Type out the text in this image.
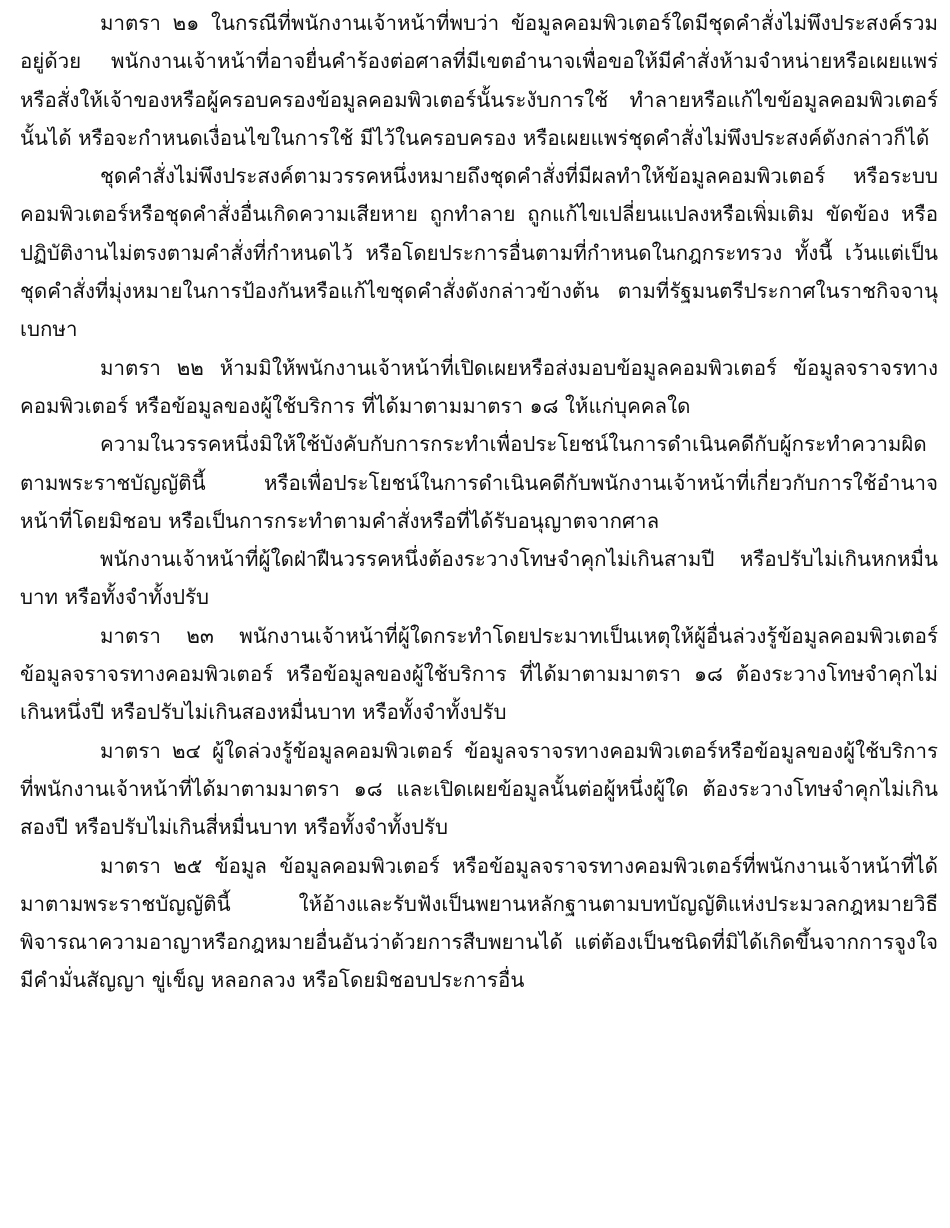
มาตรา ๒๑ ในกรณีที่พนักงานเจ้าหน้าที่พบว่า ข้อมูลคอมพิวเตอร์ใดมีชุดคำสั่งไม่พึงประสงค์รวมอยู่ด้วย พนักงานเจ้าหน้าที่อาจยื่นคำร้องต่อศาลที่มีเขตอำนาจเพื่อขอให้มีคำสั่งห้ามจำหน่ายหรือเผยแพร่ หรือสั่งให้เจ้าของหรือผู้ครอบครองข้อมูลคอมพิวเตอร์นั้นระงับการใช้ ทำลายหรือแก้ไขข้อมูลคอมพิวเตอร์นั้นได้ หรือจะกำหนดเงื่อนไขในการใช้ มีไว้ในครอบครอง หรือเผยแพร่ชุดคำสั่งไม่พึงประสงค์ดังกล่าวก็ได้

ชุดคำสั่งไม่พึงประสงค์ตามวรรคหนึ่งหมายถึงชุดคำสั่งที่มีผลทำให้ข้อมูลคอมพิวเตอร์ หรือระบบคอมพิวเตอร์หรือชุดคำสั่งอื่นเกิดความเสียหาย ถูกทำลาย ถูกแก้ไขเปลี่ยนแปลงหรือเพิ่มเติม ขัดข้อง หรือปฏิบัติงานไม่ตรงตามคำสั่งที่กำหนดไว้ หรือโดยประการอื่นตามที่กำหนดในกฎกระทรวง ทั้งนี้ เว้นแต่เป็นชุดคำสั่งที่มุ่งหมายในการป้องกันหรือแก้ไขชุดคำสั่งดังกล่าวข้างต้น ตามที่รัฐมนตรีประกาศในราชกิจจานุเบกษา

มาตรา ๒๒ ห้ามมิให้พนักงานเจ้าหน้าที่เปิดเผยหรือส่งมอบข้อมูลคอมพิวเตอร์ ข้อมูลจราจรทางคอมพิวเตอร์ หรือข้อมูลของผู้ใช้บริการ ที่ได้มาตามมาตรา ๑๘ ให้แก่บุคคลใด

ความในวรรคหนึ่งมิให้ใช้บังคับกับการกระทำเพื่อประโยชน์ในการดำเนินคดีกับผู้กระทำความผิดตามพระราชบัญญัตินี้ หรือเพื่อประโยชน์ในการดำเนินคดีกับพนักงานเจ้าหน้าที่เกี่ยวกับการใช้อำนาจหน้าที่โดยมิชอบ หรือเป็นการกระทำตามคำสั่งหรือที่ได้รับอนุญาตจากศาล

พนักงานเจ้าหน้าที่ผู้ใดฝ่าฝืนวรรคหนึ่งต้องระวางโทษจำคุกไม่เกินสามปี หรือปรับไม่เกินหกหมื่นบาท หรือทั้งจำทั้งปรับ

มาตรา ๒๓ พนักงานเจ้าหน้าที่ผู้ใดกระทำโดยประมาทเป็นเหตุให้ผู้อื่นล่วงรู้ข้อมูลคอมพิวเตอร์ ข้อมูลจราจรทางคอมพิวเตอร์ หรือข้อมูลของผู้ใช้บริการ ที่ได้มาตามมาตรา ๑๘ ต้องระวางโทษจำคุกไม่เกินหนึ่งปี หรือปรับไม่เกินสองหมื่นบาท หรือทั้งจำทั้งปรับ

มาตรา ๒๔ ผู้ใดล่วงรู้ข้อมูลคอมพิวเตอร์ ข้อมูลจราจรทางคอมพิวเตอร์หรือข้อมูลของผู้ใช้บริการ ที่พนักงานเจ้าหน้าที่ได้มาตามมาตรา ๑๘ และเปิดเผยข้อมูลนั้นต่อผู้หนึ่งผู้ใด ต้องระวางโทษจำคุกไม่เกินสองปี หรือปรับไม่เกินสี่หมื่นบาท หรือทั้งจำทั้งปรับ

มาตรา ๒๕ ข้อมูล ข้อมูลคอมพิวเตอร์ หรือข้อมูลจราจรทางคอมพิวเตอร์ที่พนักงานเจ้าหน้าที่ได้มาตามพระราชบัญญัตินี้ ให้อ้างและรับฟังเป็นพยานหลักฐานตามบทบัญญัติแห่งประมวลกฎหมายวิธีพิจารณาความอาญาหรือกฎหมายอื่นอันว่าด้วยการสืบพยานได้ แต่ต้องเป็นชนิดที่มิได้เกิดขึ้นจากการจูงใจ มีคำมั่นสัญญา ขู่เข็ญ หลอกลวง หรือโดยมิชอบประการอื่น
